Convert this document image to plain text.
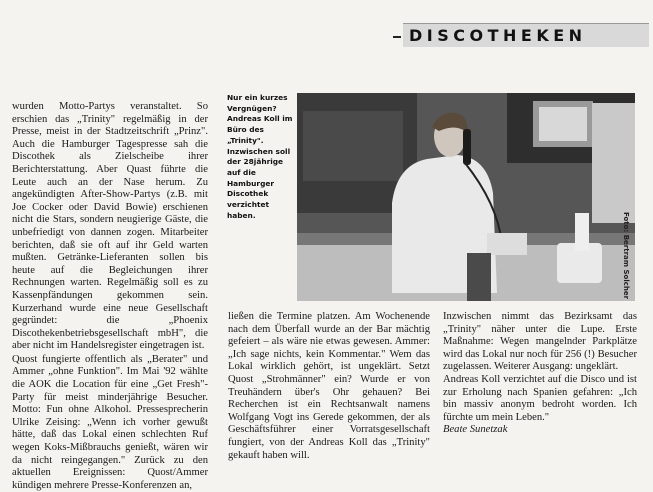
DISCOTHEKEN

wurden Motto-Partys veranstaltet. So erschien das „Trinity" regelmäßig in der Presse, meist in der Stadtzeitschrift „Prinz". Auch die Hamburger Tagespresse sah die Discothek als Zielscheibe ihrer Berichterstattung. Aber Quast führte die Leute auch an der Nase herum. Zu angekündigten After-Show-Partys (z.B. mit Joe Cocker oder David Bowie) erschienen nicht die Stars, sondern neugierige Gäste, die unbefriedigt von dannen zogen. Mitarbeiter berichten, daß sie oft auf ihr Geld warten mußten. Getränke-Lieferanten sollen bis heute auf die Begleichungen ihrer Rechnungen warten. Regelmäßig soll es zu Kassenpfändungen gekommen sein. Kurzerhand wurde eine neue Gesellschaft gegründet: die „Phoenix Discothekenbetriebsgesellschaft mbH", die aber nicht im Handelsregister eingetragen ist.

Quost fungierte offentlich als „Berater" und Ammer „ohne Funktion". Im Mai '92 wählte die AOK die Location für eine „Get Fresh"-Party für meist minderjährige Besucher. Motto: Fun ohne Alkohol. Pressesprecherin Ulrike Zeising: „Wenn ich vorher gewußt hätte, daß das Lokal einen schlechten Ruf wegen Koks-Mißbrauchs genießt, wären wir da nicht reingegangen." Zurück zu den aktuellen Ereignissen: Quost/Ammer kündigen mehrere Presse-Konferenzen an,

Nur ein kurzes Vergnügen? Andreas Koll im Büro des „Trinity". Inzwischen soll der 28jährige auf die Hamburger Discothek verzichtet haben.	Foto: Bertram Solcher

ließen die Termine platzen. Am Wochenende nach dem Überfall wurde an der Bar mächtig gefeiert – als wäre nie etwas gewesen. Ammer: „Ich sage nichts, kein Kommentar." Wem das Lokal wirklich gehört, ist ungeklärt. Setzt Quost „Strohmänner" ein? Wurde er von Treuhändern über's Ohr gehauen? Bei Recherchen ist ein Rechtsanwalt namens Wolfgang Vogt ins Gerede gekommen, der als Geschäftsführer einer Vorratsgesellschaft fungiert, von der Andreas Koll das „Trinity" gekauft haben will.

Inzwischen nimmt das Bezirksamt das „Trinity" näher unter die Lupe. Erste Maßnahme: Wegen mangelnder Parkplätze wird das Lokal nur noch für 256 (!) Besucher zugelassen. Weiterer Ausgang: ungeklärt.

Andreas Koll verzichtet auf die Disco und ist zur Erholung nach Spanien gefahren: „Ich bin massiv anonym bedroht worden. Ich fürchte um mein Leben."

Beate Sunetzak
